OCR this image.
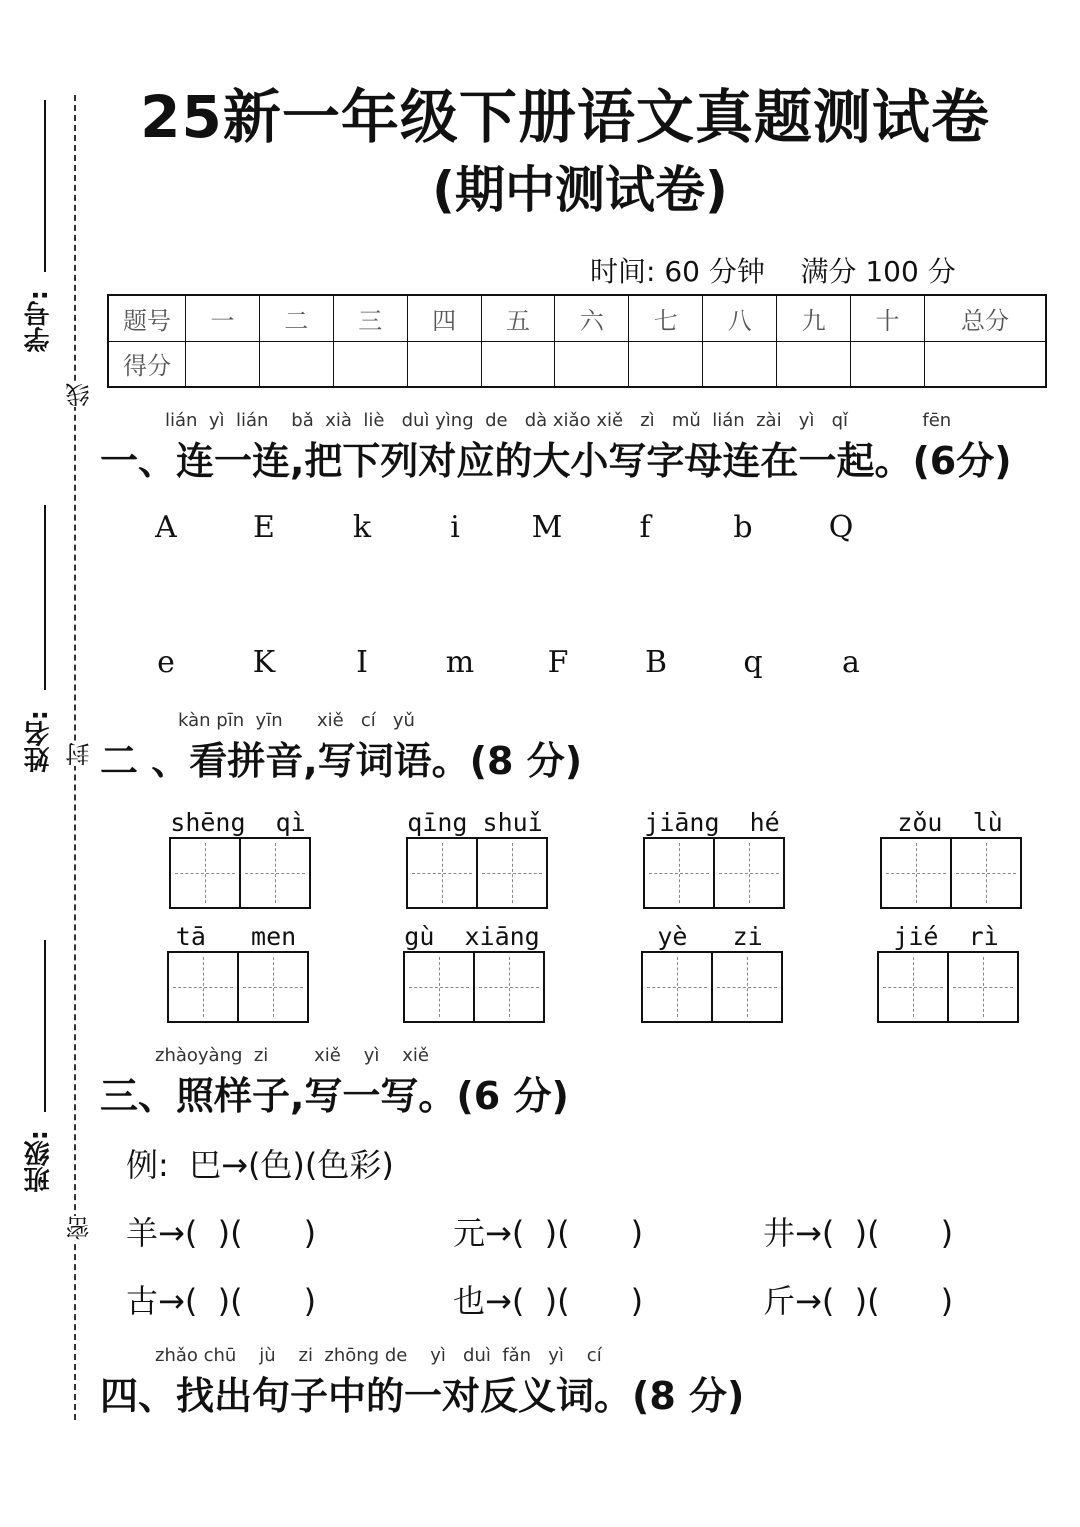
学号:
姓名:
班级:
线
封
密
25新一年级下册语文真题测试卷
(期中测试卷)
时间: 60 分钟    满分 100 分
题号	一	二	三	四	五	六	七	八	九	十	总分
得分											
lián  yì  lián    bǎ  xià  liè   duì yìng  de   dà xiǎo xiě   zì   mǔ  lián  zài   yì   qǐ             fēn
一、连一连,把下列对应的大小写字母连在一起。(6分)
A	E	k	i	M	f	b	Q
e	K	I	m	F	B	q	a
kàn pīn  yīn      xiě   cí   yǔ
二 、看拼音,写词语。(8 分)
shēng  qì	qīng shuǐ	jiāng  hé	zǒu  lù
tā   men	gù  xiāng	yè   zi	jié  rì
zhàoyàng  zi        xiě    yì    xiě
三、照样子,写一写。(6 分)
例:  巴→(色)(色彩)
羊→(  )(      )	元→(  )(      )	井→(  )(      )
古→(  )(      )	也→(  )(      )	斤→(  )(      )
zhǎo chū    jù    zi  zhōng de    yì   duì  fǎn   yì    cí
四、找出句子中的一对反义词。(8 分)
